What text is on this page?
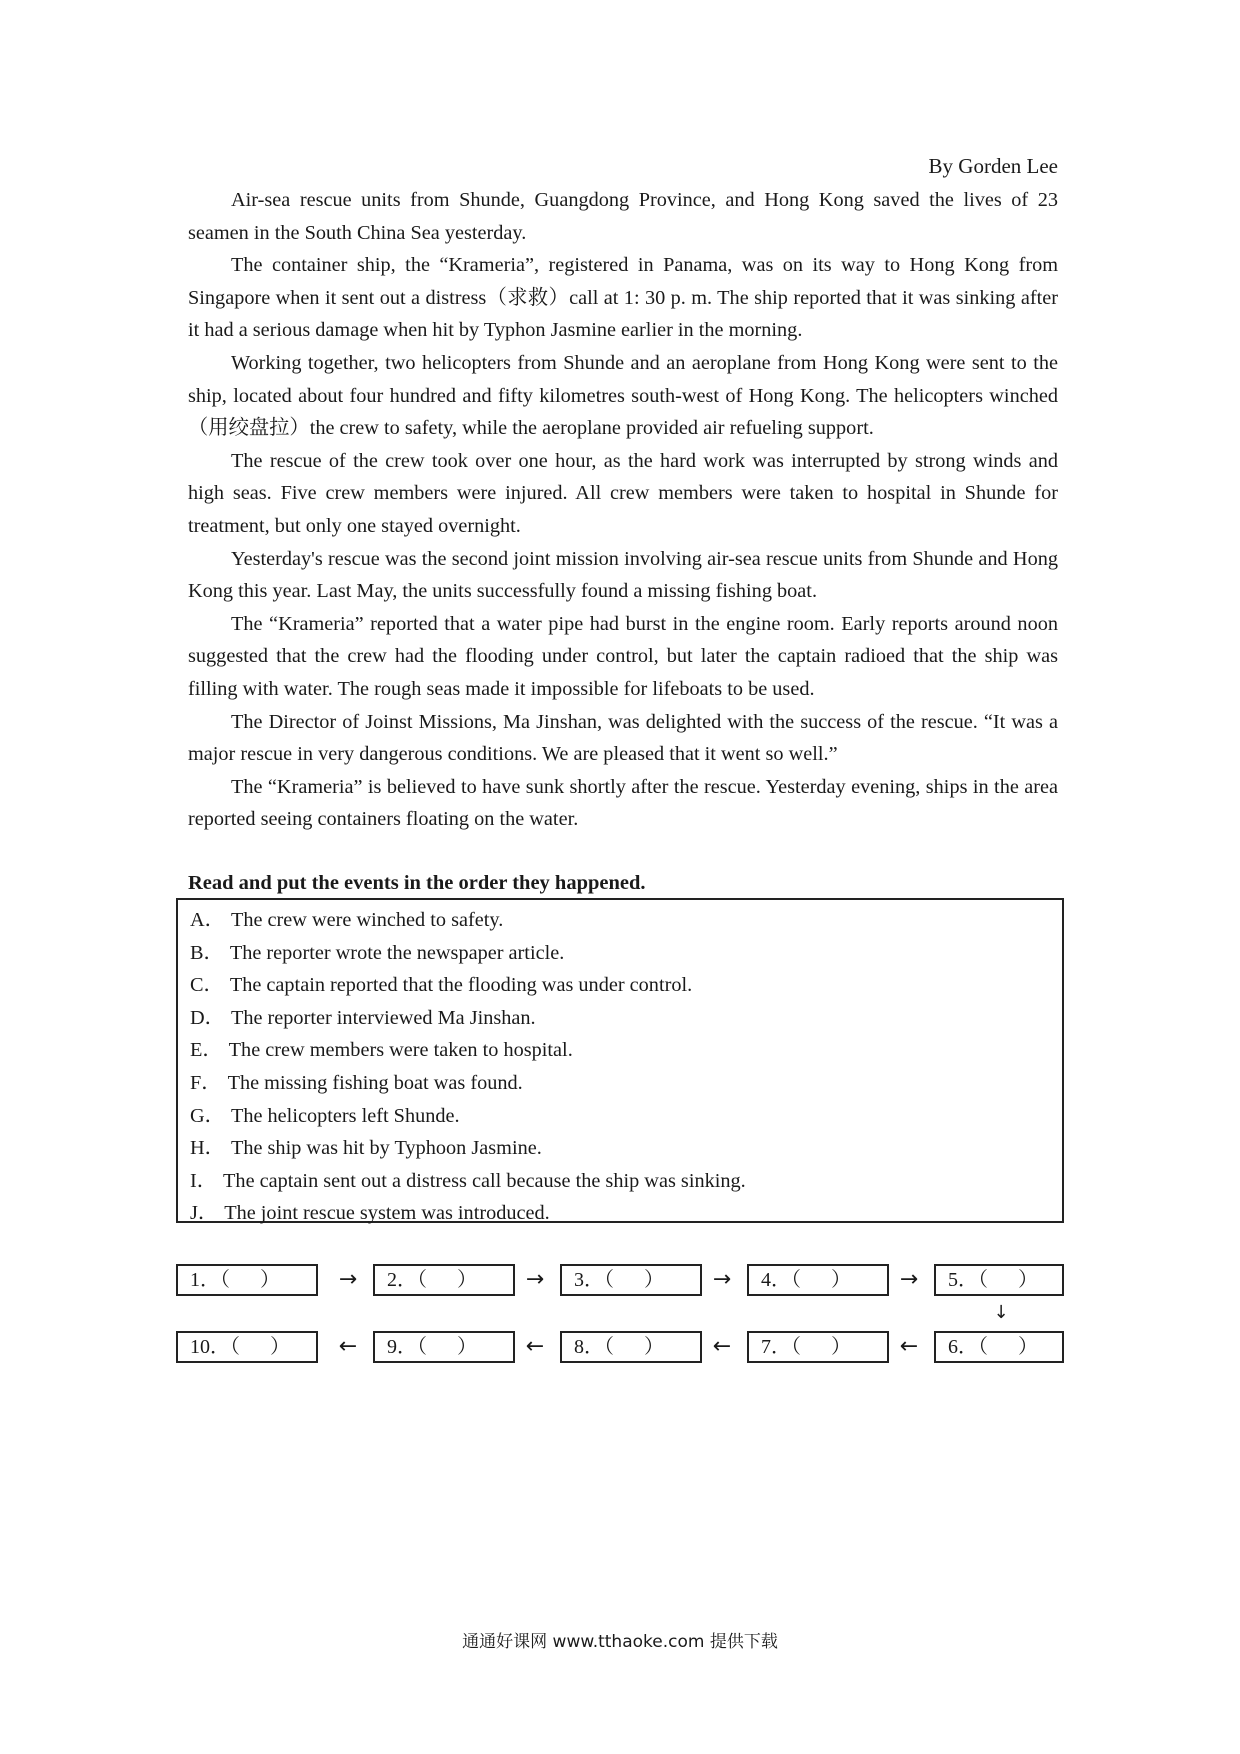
By Gorden Lee

Air-sea rescue units from Shunde, Guangdong Province, and Hong Kong saved the lives of 23 seamen in the South China Sea yesterday.

The container ship, the “Krameria”, registered in Panama, was on its way to Hong Kong from Singapore when it sent out a distress（求救）call at 1: 30 p. m. The ship reported that it was sinking after it had a serious damage when hit by Typhon Jasmine earlier in the morning.

Working together, two helicopters from Shunde and an aeroplane from Hong Kong were sent to the ship, located about four hundred and fifty kilometres south-west of Hong Kong. The helicopters winched（用绞盘拉）the crew to safety, while the aeroplane provided air refueling support.

The rescue of the crew took over one hour, as the hard work was interrupted by strong winds and high seas. Five crew members were injured. All crew members were taken to hospital in Shunde for treatment, but only one stayed overnight.

Yesterday's rescue was the second joint mission involving air-sea rescue units from Shunde and Hong Kong this year. Last May, the units successfully found a missing fishing boat.

The “Krameria” reported that a water pipe had burst in the engine room. Early reports around noon suggested that the crew had the flooding under control, but later the captain radioed that the ship was filling with water. The rough seas made it impossible for lifeboats to be used.

The Director of Joinst Missions, Ma Jinshan, was delighted with the success of the rescue. “It was a major rescue in very dangerous conditions. We are pleased that it went so well.”

The “Krameria” is believed to have sunk shortly after the rescue. Yesterday evening, ships in the area reported seeing containers floating on the water.

Read and put the events in the order they happened.
A． The crew were winched to safety.
B． The reporter wrote the newspaper article.
C． The captain reported that the flooding was under control.
D． The reporter interviewed Ma Jinshan.
E． The crew members were taken to hospital.
F． The missing fishing boat was found.
G． The helicopters left Shunde.
H． The ship was hit by Typhoon Jasmine.
I． The captain sent out a distress call because the ship was sinking.
J． The joint rescue system was introduced.
1．（      ）	→	2．（      ）	→	3．（      ）	→	4．（      ）	→	5．（      ）
↓
10．（      ）	←	9．（      ）	←	8．（      ）	←	7．（      ）	←	6．（      ）
通通好课网 www.tthaoke.com 提供下载
